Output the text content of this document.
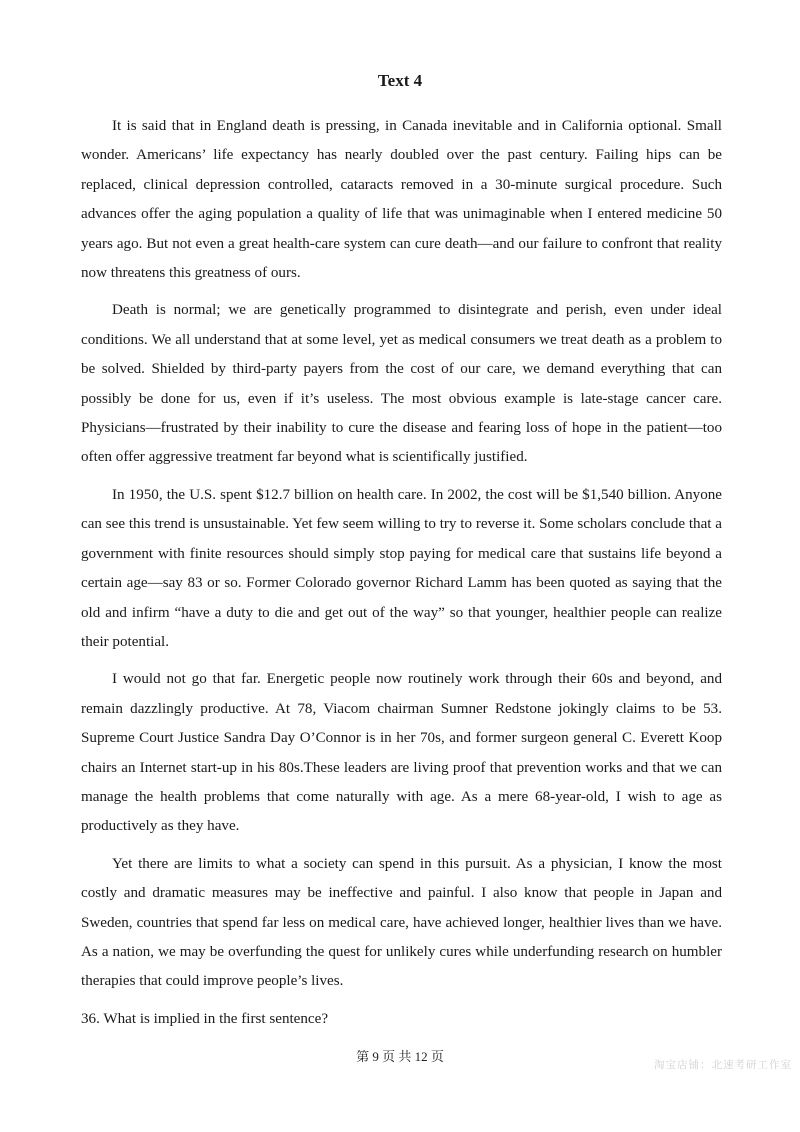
Text 4

It is said that in England death is pressing, in Canada inevitable and in California optional. Small wonder. Americans’ life expectancy has nearly doubled over the past century. Failing hips can be replaced, clinical depression controlled, cataracts removed in a 30-minute surgical procedure. Such advances offer the aging population a quality of life that was unimaginable when I entered medicine 50 years ago. But not even a great health-care system can cure death—and our failure to confront that reality now threatens this greatness of ours.

Death is normal; we are genetically programmed to disintegrate and perish, even under ideal conditions. We all understand that at some level, yet as medical consumers we treat death as a problem to be solved. Shielded by third-party payers from the cost of our care, we demand everything that can possibly be done for us, even if it’s useless. The most obvious example is late-stage cancer care. Physicians—frustrated by their inability to cure the disease and fearing loss of hope in the patient—too often offer aggressive treatment far beyond what is scientifically justified.

In 1950, the U.S. spent $12.7 billion on health care. In 2002, the cost will be $1,540 billion. Anyone can see this trend is unsustainable. Yet few seem willing to try to reverse it. Some scholars conclude that a government with finite resources should simply stop paying for medical care that sustains life beyond a certain age—say 83 or so. Former Colorado governor Richard Lamm has been quoted as saying that the old and infirm “have a duty to die and get out of the way” so that younger, healthier people can realize their potential.

I would not go that far. Energetic people now routinely work through their 60s and beyond, and remain dazzlingly productive. At 78, Viacom chairman Sumner Redstone jokingly claims to be 53. Supreme Court Justice Sandra Day O’Connor is in her 70s, and former surgeon general C. Everett Koop chairs an Internet start-up in his 80s.These leaders are living proof that prevention works and that we can manage the health problems that come naturally with age. As a mere 68-year-old, I wish to age as productively as they have.

Yet there are limits to what a society can spend in this pursuit. As a physician, I know the most costly and dramatic measures may be ineffective and painful. I also know that people in Japan and Sweden, countries that spend far less on medical care, have achieved longer, healthier lives than we have. As a nation, we may be overfunding the quest for unlikely cures while underfunding research on humbler therapies that could improve people’s lives.

36. What is implied in the first sentence?

第 9 页 共 12 页
淘宝店铺：北速考研工作室
